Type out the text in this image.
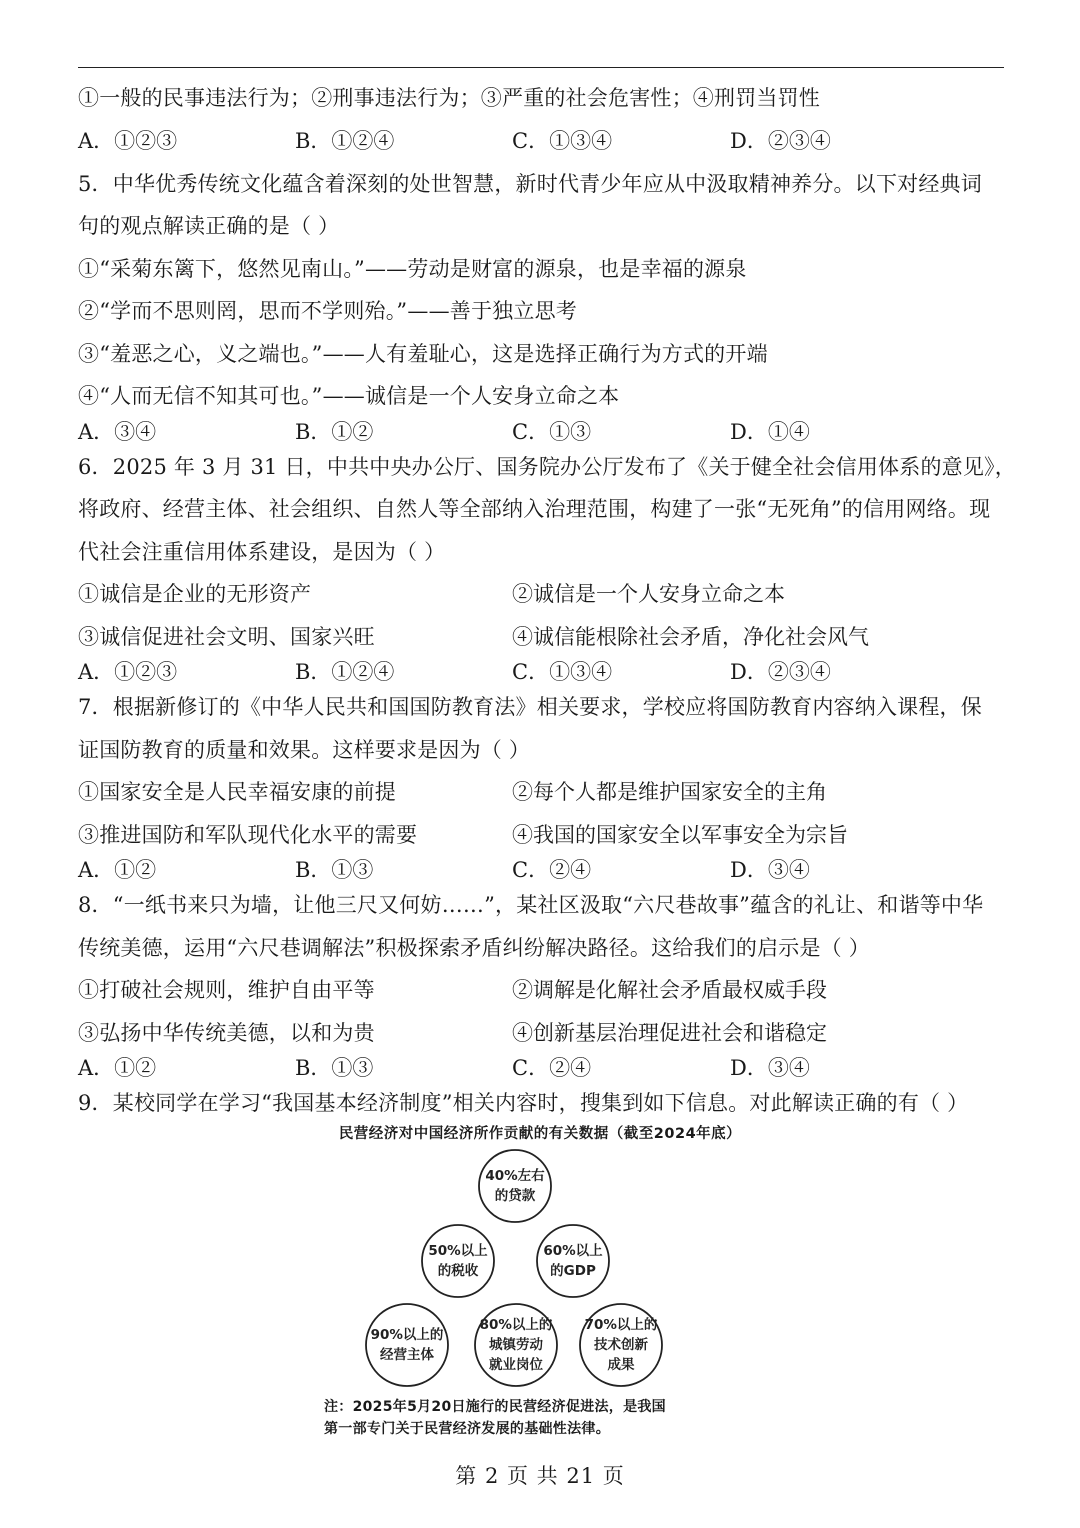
①一般的民事违法行为；②刑事违法行为；③严重的社会危害性；④刑罚当罚性
A．①②③	B．①②④	C．①③④	D．②③④
5．中华优秀传统文化蕴含着深刻的处世智慧，新时代青少年应从中汲取精神养分。以下对经典词
句的观点解读正确的是（ ）
①“采菊东篱下，悠然见南山。”——劳动是财富的源泉，也是幸福的源泉
②“学而不思则罔，思而不学则殆。”——善于独立思考
③“羞恶之心，义之端也。”——人有羞耻心，这是选择正确行为方式的开端
④“人而无信不知其可也。”——诚信是一个人安身立命之本
A．③④	B．①②	C．①③	D．①④
6．2025 年 3 月 31 日，中共中央办公厅、国务院办公厅发布了《关于健全社会信用体系的意见》，
将政府、经营主体、社会组织、自然人等全部纳入治理范围，构建了一张“无死角”的信用网络。现
代社会注重信用体系建设，是因为（ ）
①诚信是企业的无形资产	②诚信是一个人安身立命之本
③诚信促进社会文明、国家兴旺	④诚信能根除社会矛盾，净化社会风气
A．①②③	B．①②④	C．①③④	D．②③④
7．根据新修订的《中华人民共和国国防教育法》相关要求，学校应将国防教育内容纳入课程，保
证国防教育的质量和效果。这样要求是因为（ ）
①国家安全是人民幸福安康的前提	②每个人都是维护国家安全的主角
③推进国防和军队现代化水平的需要	④我国的国家安全以军事安全为宗旨
A．①②	B．①③	C．②④	D．③④
8．“一纸书来只为墙，让他三尺又何妨……”，某社区汲取“六尺巷故事”蕴含的礼让、和谐等中华
传统美德，运用“六尺巷调解法”积极探索矛盾纠纷解决路径。这给我们的启示是（ ）
①打破社会规则，维护自由平等	②调解是化解社会矛盾最权威手段
③弘扬中华传统美德，以和为贵	④创新基层治理促进社会和谐稳定
A．①②	B．①③	C．②④	D．③④
9．某校同学在学习“我国基本经济制度”相关内容时，搜集到如下信息。对此解读正确的有（ ）
民营经济对中国经济所作贡献的有关数据（截至2024年底）
40%左右
的贷款
50%以上
的税收
60%以上
的GDP
90%以上的
经营主体
80%以上的
城镇劳动
就业岗位
70%以上的
技术创新
成果
注：2025年5月20日施行的民营经济促进法，是我国
第一部专门关于民营经济发展的基础性法律。
第 2 页 共 21 页
